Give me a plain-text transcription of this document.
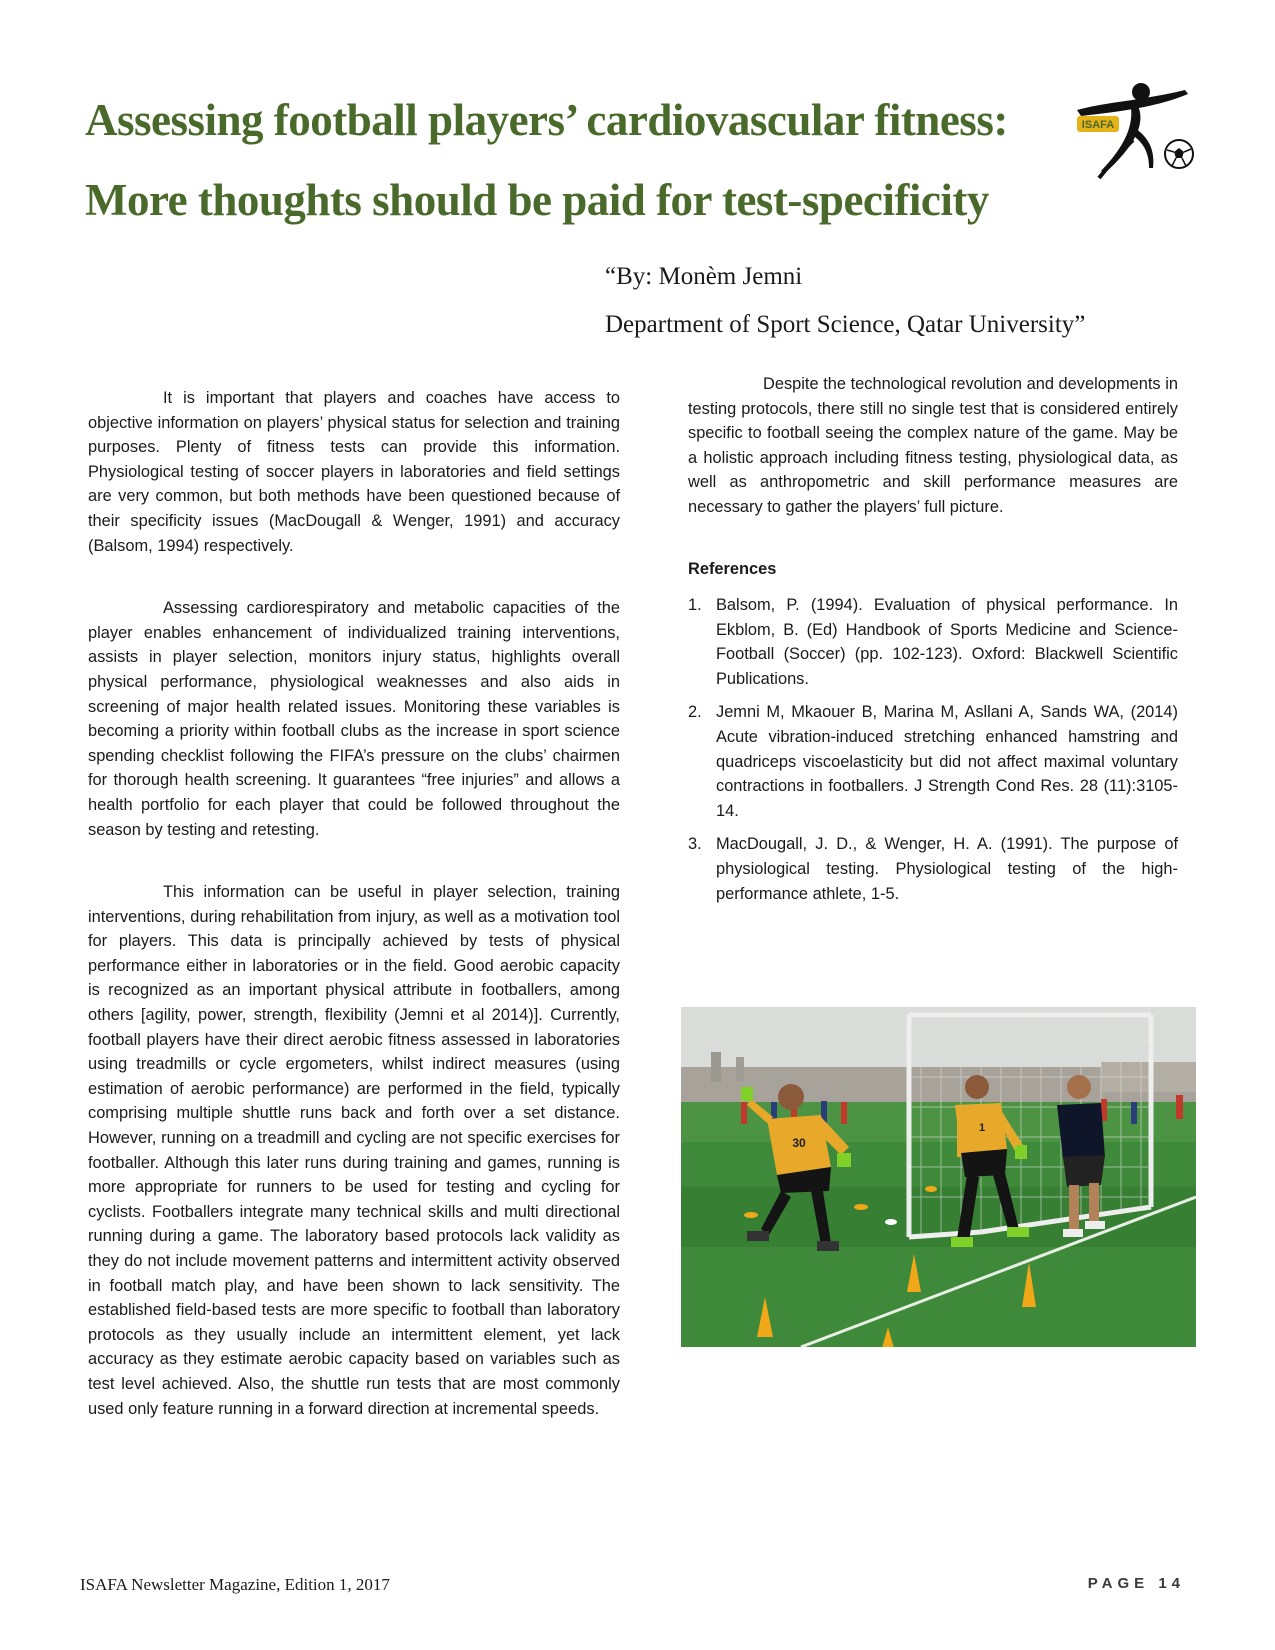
Assessing football players’ cardiovascular fitness:
More thoughts should be paid for test-specificity
ISAFA
“By: Monèm Jemni
Department of Sport Science, Qatar University”

It is important that players and coaches have access to objective information on players’ physical status for selection and training purposes. Plenty of fitness tests can provide this information. Physiological testing of soccer players in laboratories and field settings are very common, but both methods have been questioned because of their specificity issues (MacDougall & Wenger, 1991) and accuracy (Balsom, 1994) respectively.

Assessing cardiorespiratory and metabolic capacities of the player enables enhancement of individualized training interventions, assists in player selection, monitors injury status, highlights overall physical performance, physiological weaknesses and also aids in screening of major health related issues. Monitoring these variables is becoming a priority within football clubs as the increase in sport science spending checklist following the FIFA’s pressure on the clubs’ chairmen for thorough health screening. It guarantees “free injuries” and allows a health portfolio for each player that could be followed throughout the season by testing and retesting.

This information can be useful in player selection, training interventions, during rehabilitation from injury, as well as a motivation tool for players. This data is principally achieved by tests of physical performance either in laboratories or in the field. Good aerobic capacity is recognized as an important physical attribute in footballers, among others [agility, power, strength, flexibility (Jemni et al 2014)]. Currently, football players have their direct aerobic fitness assessed in laboratories using treadmills or cycle ergometers, whilst indirect measures (using estimation of aerobic performance) are performed in the field, typically comprising multiple shuttle runs back and forth over a set distance. However, running on a treadmill and cycling are not specific exercises for footballer. Although this later runs during training and games, running is more appropriate for runners to be used for testing and cycling for cyclists. Footballers integrate many technical skills and multi directional running during a game. The laboratory based protocols lack validity as they do not include movement patterns and intermittent activity observed in football match play, and have been shown to lack sensitivity. The established field-based tests are more specific to football than laboratory protocols as they usually include an intermittent element, yet lack accuracy as they estimate aerobic capacity based on variables such as test level achieved. Also, the shuttle run tests that are most commonly used only feature running in a forward direction at incremental speeds.

Despite the technological revolution and developments in testing protocols, there still no single test that is considered entirely specific to football seeing the complex nature of the game. May be a holistic approach including fitness testing, physiological data, as well as anthropometric and skill performance measures are necessary to gather the players’ full picture.

References
1. Balsom, P. (1994). Evaluation of physical performance. In Ekblom, B. (Ed) Handbook of Sports Medicine and Science-Football (Soccer) (pp. 102-123). Oxford: Blackwell Scientific Publications.
2. Jemni M, Mkaouer B, Marina M, Asllani A, Sands WA, (2014) Acute vibration-induced stretching enhanced hamstring and quadriceps viscoelasticity but did not affect maximal voluntary contractions in footballers. J Strength Cond Res. 28 (11):3105-14.
3. MacDougall, J. D., & Wenger, H. A. (1991). The purpose of physiological testing. Physiological testing of the high-performance athlete, 1-5.
30
1
ISAFA Newsletter Magazine, Edition 1, 2017	PAGE 14
